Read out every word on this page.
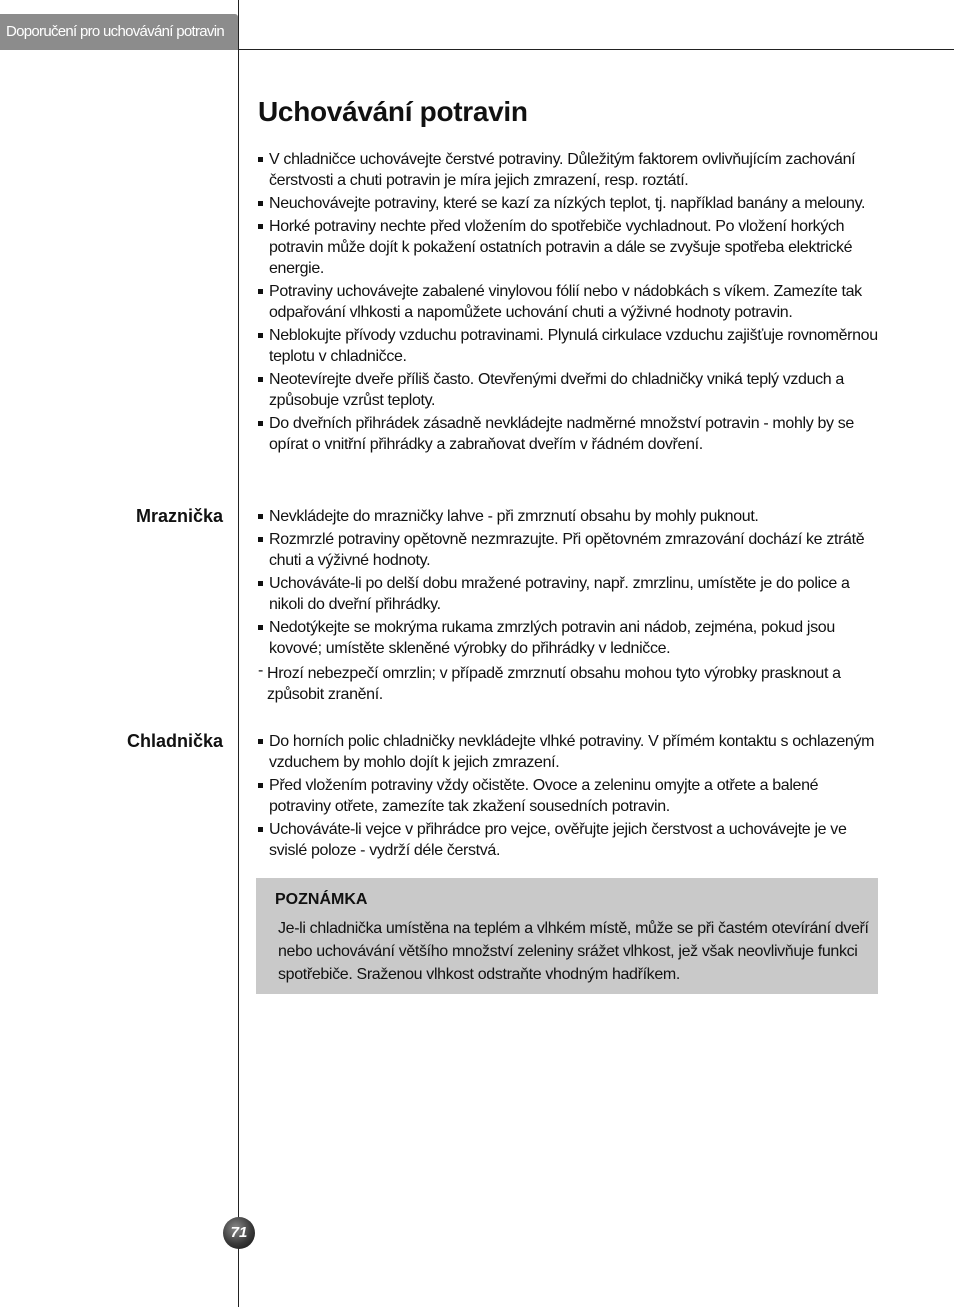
Doporučení pro uchovávání potravin
Uchovávání potravin
V chladničce uchovávejte čerstvé potraviny. Důležitým faktorem ovlivňujícím zachování čerstvosti a chuti potravin je míra jejich zmrazení, resp. roztátí.
Neuchovávejte potraviny, které se kazí za nízkých teplot, tj. například banány a melouny.
Horké potraviny nechte před vložením do spotřebiče vychladnout. Po vložení horkých potravin může dojít k pokažení ostatních potravin a dále se zvyšuje spotřeba elektrické energie.
Potraviny uchovávejte zabalené vinylovou fólií nebo v nádobkách s víkem. Zamezíte tak odpařování vlhkosti a napomůžete uchování chuti a výživné hodnoty potravin.
Neblokujte přívody vzduchu potravinami. Plynulá cirkulace vzduchu zajišťuje rovnoměrnou teplotu v chladničce.
Neotevírejte dveře příliš často. Otevřenými dveřmi do chladničky vniká teplý vzduch a způsobuje vzrůst teploty.
Do dveřních přihrádek zásadně nevkládejte nadměrné množství potravin - mohly by se opírat o vnitřní přihrádky a zabraňovat dveřím v řádném dovření.
Mraznička	Nevkládejte do mrazničky lahve - při zmrznutí obsahu by mohly puknout.
Rozmrzlé potraviny opětovně nezmrazujte. Při opětovném zmrazování dochází ke ztrátě chuti a výživné hodnoty.
Uchováváte-li po delší dobu mražené potraviny, např. zmrzlinu, umístěte je do police a nikoli do dveřní přihrádky.
Nedotýkejte se mokrýma rukama zmrzlých potravin ani nádob, zejména, pokud jsou kovové; umístěte skleněné výrobky do přihrádky v ledničce.
- Hrozí nebezpečí omrzlin; v případě zmrznutí obsahu mohou tyto výrobky prasknout a způsobit zranění.
Chladnička	Do horních polic chladničky nevkládejte vlhké potraviny. V přímém kontaktu s ochlazeným vzduchem by mohlo dojít k jejich zmrazení.
Před vložením potraviny vždy očistěte. Ovoce a zeleninu omyjte a otřete a balené potraviny otřete, zamezíte tak zkažení sousedních potravin.
Uchováváte-li vejce v přihrádce pro vejce, ověřujte jejich čerstvost a uchovávejte je ve svislé poloze - vydrží déle čerstvá.
POZNÁMKA
Je-li chladnička umístěna na teplém a vlhkém místě, může se při častém otevírání dveří nebo uchovávání většího množství zeleniny srážet vlhkost, jež však neovlivňuje funkci spotřebiče. Sraženou vlhkost odstraňte vhodným hadříkem.
71
